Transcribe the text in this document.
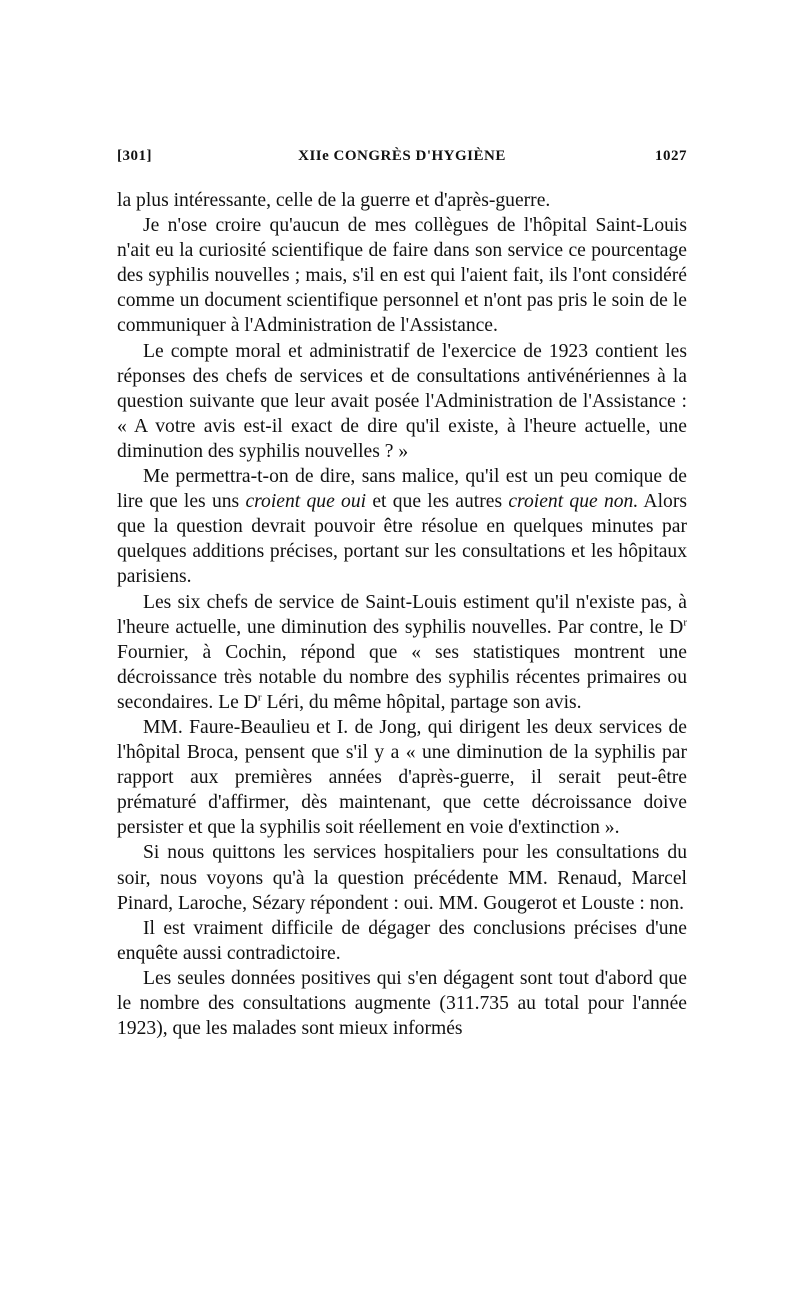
[301]	XIIe CONGRÈS D'HYGIÈNE	1027

la plus intéressante, celle de la guerre et d'après-guerre.

Je n'ose croire qu'aucun de mes collègues de l'hôpital Saint-Louis n'ait eu la curiosité scientifique de faire dans son service ce pourcentage des syphilis nouvelles ; mais, s'il en est qui l'aient fait, ils l'ont considéré comme un document scientifique personnel et n'ont pas pris le soin de le communiquer à l'Administration de l'Assistance.

Le compte moral et administratif de l'exercice de 1923 contient les réponses des chefs de services et de consultations antivénériennes à la question suivante que leur avait posée l'Administration de l'Assistance : « A votre avis est-il exact de dire qu'il existe, à l'heure actuelle, une diminution des syphilis nouvelles ? »

Me permettra-t-on de dire, sans malice, qu'il est un peu comique de lire que les uns croient que oui et que les autres croient que non. Alors que la question devrait pouvoir être résolue en quelques minutes par quelques additions précises, portant sur les consultations et les hôpitaux parisiens.

Les six chefs de service de Saint-Louis estiment qu'il n'existe pas, à l'heure actuelle, une diminution des syphilis nouvelles. Par contre, le $D^r$ Fournier, à Cochin, répond que « ses statistiques montrent une décroissance très notable du nombre des syphilis récentes primaires ou secondaires. Le $D^r$ Léri, du même hôpital, partage son avis.

MM. Faure-Beaulieu et I. de Jong, qui dirigent les deux services de l'hôpital Broca, pensent que s'il y a « une diminution de la syphilis par rapport aux premières années d'après-guerre, il serait peut-être prématuré d'affirmer, dès maintenant, que cette décroissance doive persister et que la syphilis soit réellement en voie d'extinction ».

Si nous quittons les services hospitaliers pour les consultations du soir, nous voyons qu'à la question précédente MM. Renaud, Marcel Pinard, Laroche, Sézary répondent : oui. MM. Gougerot et Louste : non.

Il est vraiment difficile de dégager des conclusions précises d'une enquête aussi contradictoire.

Les seules données positives qui s'en dégagent sont tout d'abord que le nombre des consultations augmente (311.735 au total pour l'année 1923), que les malades sont mieux informés
